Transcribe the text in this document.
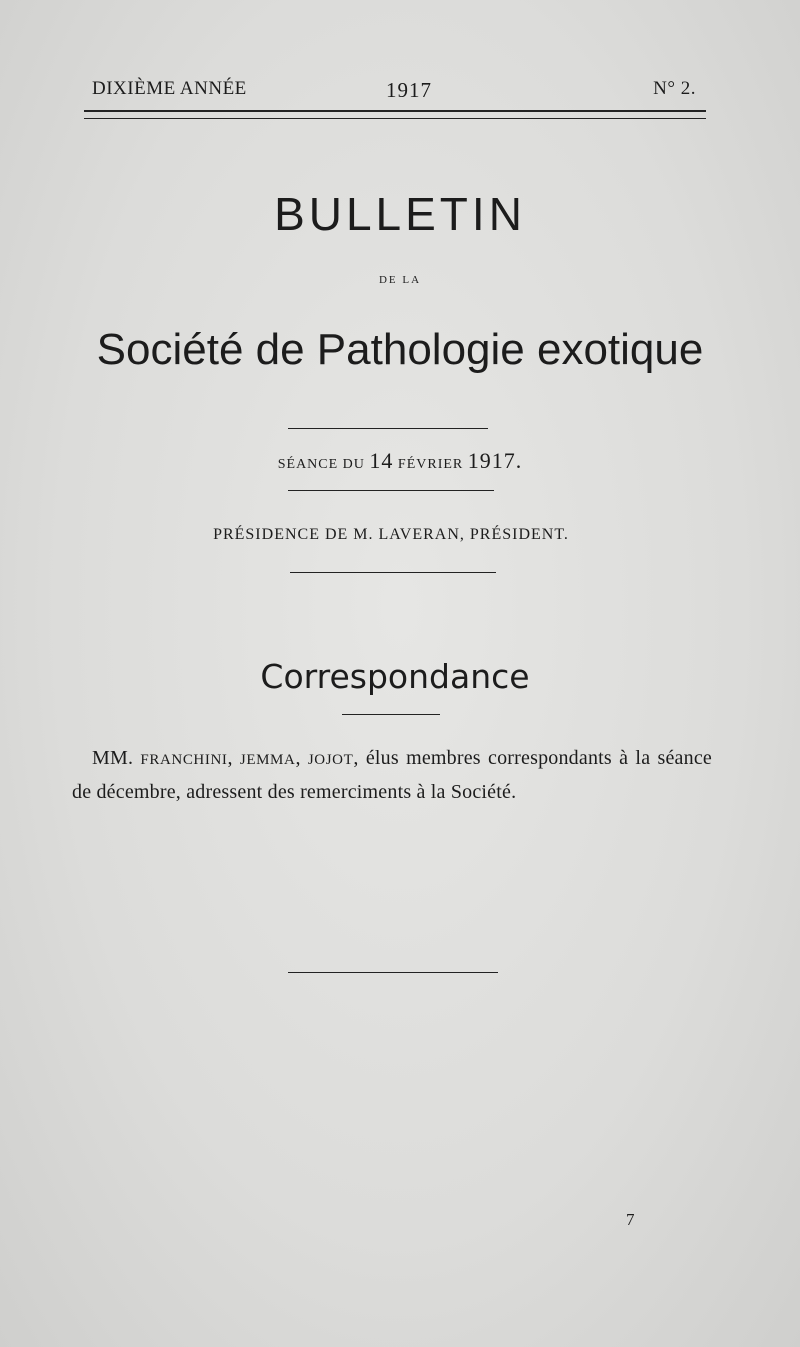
DIXIÈME ANNÉE	1917	N° 2.
BULLETIN
DE LA
Société de Pathologie exotique
SÉANCE DU 14 FÉVRIER 1917.
PRÉSIDENCE DE M. LAVERAN, PRÉSIDENT.
Correspondance

MM. FRANCHINI, JEMMA, JOJOT, élus membres correspondants à la séance de décembre, adressent des remerciments à la Société.

7
